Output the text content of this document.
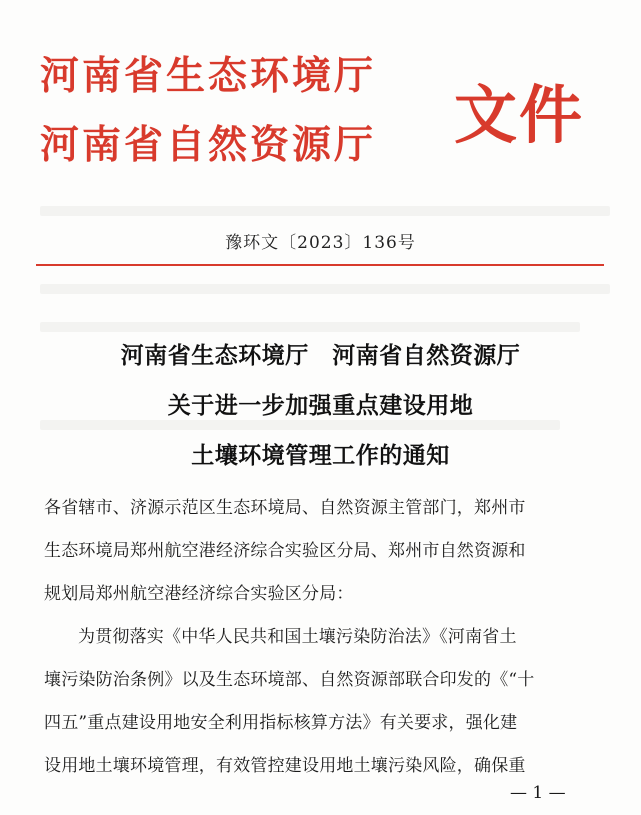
河南省生态环境厅
河南省自然资源厅 文件
豫环文〔2023〕136号
河南省生态环境厅　河南省自然资源厅
关于进一步加强重点建设用地
土壤环境管理工作的通知
各省辖市、济源示范区生态环境局、自然资源主管部门，郑州市
生态环境局郑州航空港经济综合实验区分局、郑州市自然资源和
规划局郑州航空港经济综合实验区分局：
为贯彻落实《中华人民共和国土壤污染防治法》《河南省土
壤污染防治条例》以及生态环境部、自然资源部联合印发的《“十
四五”重点建设用地安全利用指标核算方法》有关要求，强化建
设用地土壤环境管理，有效管控建设用地土壤污染风险，确保重
— 1 —
